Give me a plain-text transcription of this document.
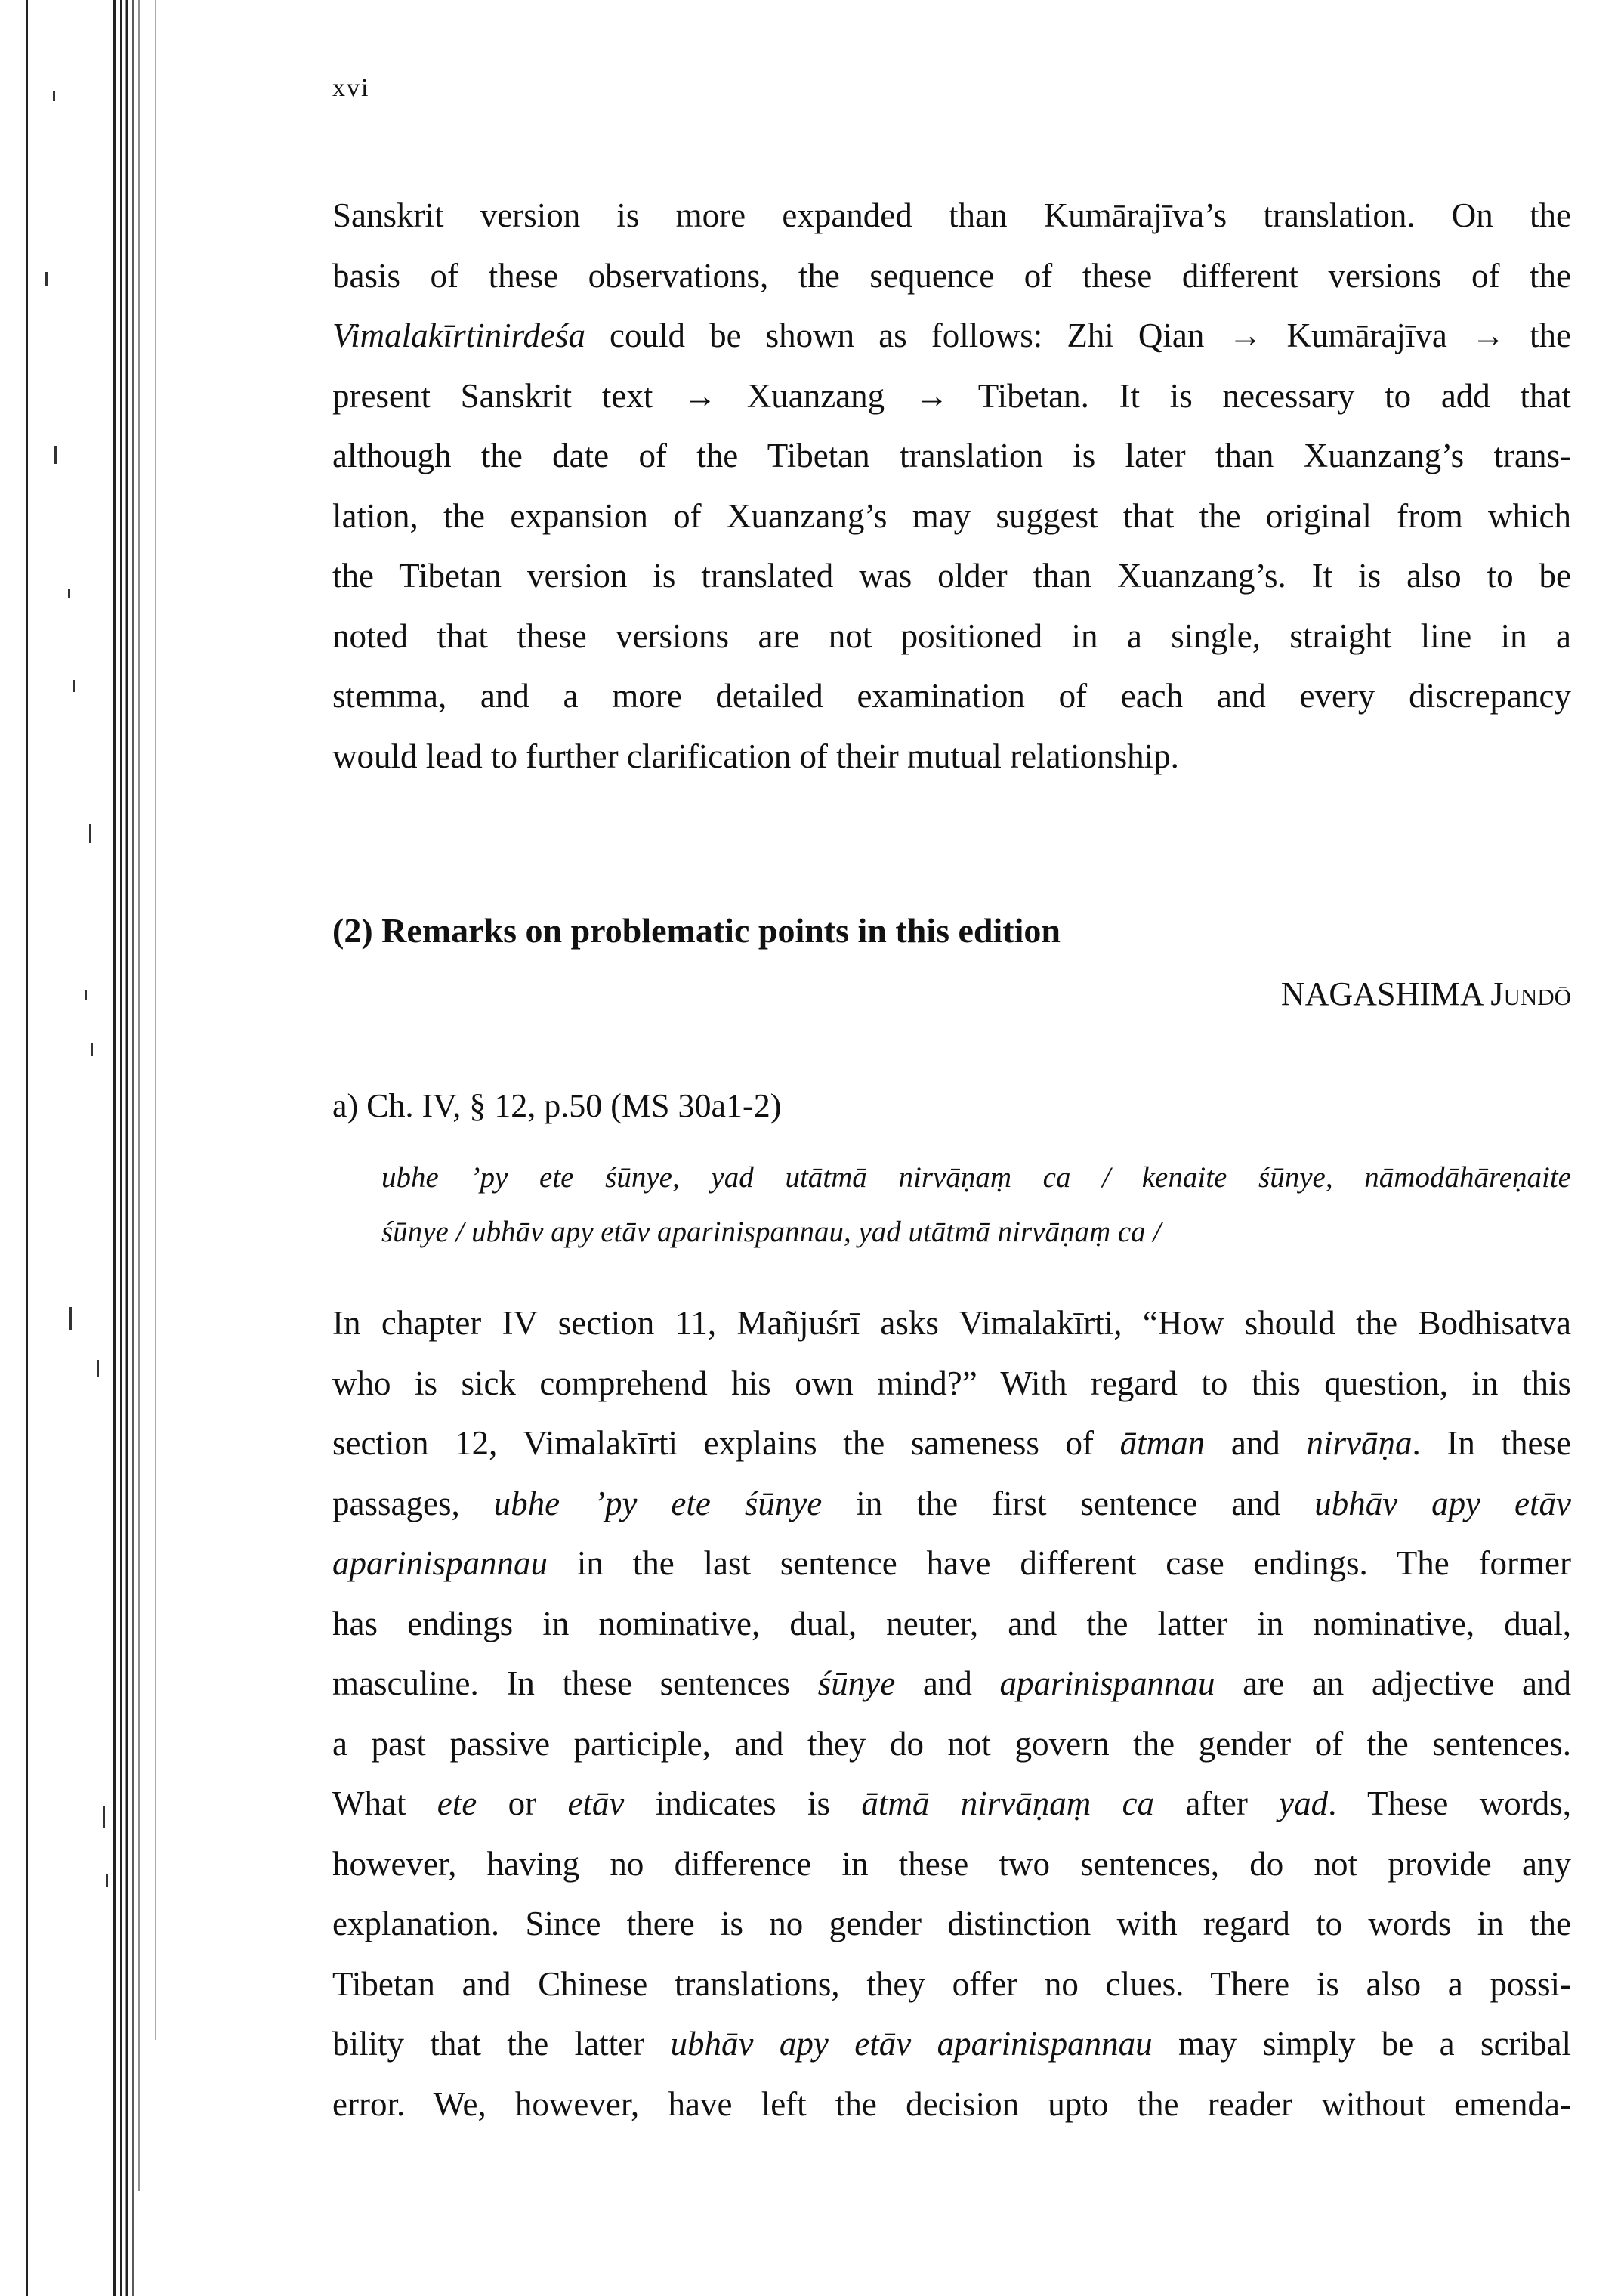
xvi

Sanskrit version is more expanded than Kumārajīva’s translation. On the
basis of these observations, the sequence of these different versions of the
Vimalakīrtinirdeśa could be shown as follows: Zhi Qian → Kumārajīva → the
present Sanskrit text → Xuanzang → Tibetan. It is necessary to add that
although the date of the Tibetan translation is later than Xuanzang’s trans-
lation, the expansion of Xuanzang’s may suggest that the original from which
the Tibetan version is translated was older than Xuanzang’s. It is also to be
noted that these versions are not positioned in a single, straight line in a
stemma, and a more detailed examination of each and every discrepancy
would lead to further clarification of their mutual relationship.

(2) Remarks on problematic points in this edition
NAGASHIMA Jundō
a) Ch. IV, § 12, p.50 (MS 30a1-2)

ubhe ’py ete śūnye, yad utātmā nirvāṇaṃ ca / kenaite śūnye, nāmodāhāreṇaite
śūnye / ubhāv apy etāv aparinispannau, yad utātmā nirvāṇaṃ ca /

In chapter IV section 11, Mañjuśrī asks Vimalakīrti, “How should the Bodhisatva
who is sick comprehend his own mind?” With regard to this question, in this
section 12, Vimalakīrti explains the sameness of ātman and nirvāṇa. In these
passages, ubhe ’py ete śūnye in the first sentence and ubhāv apy etāv
aparinispannau in the last sentence have different case endings. The former
has endings in nominative, dual, neuter, and the latter in nominative, dual,
masculine. In these sentences śūnye and aparinispannau are an adjective and
a past passive participle, and they do not govern the gender of the sentences.
What ete or etāv indicates is ātmā nirvāṇaṃ ca after yad. These words,
however, having no difference in these two sentences, do not provide any
explanation. Since there is no gender distinction with regard to words in the
Tibetan and Chinese translations, they offer no clues. There is also a possi-
bility that the latter ubhāv apy etāv aparinispannau may simply be a scribal
error. We, however, have left the decision upto the reader without emenda-
